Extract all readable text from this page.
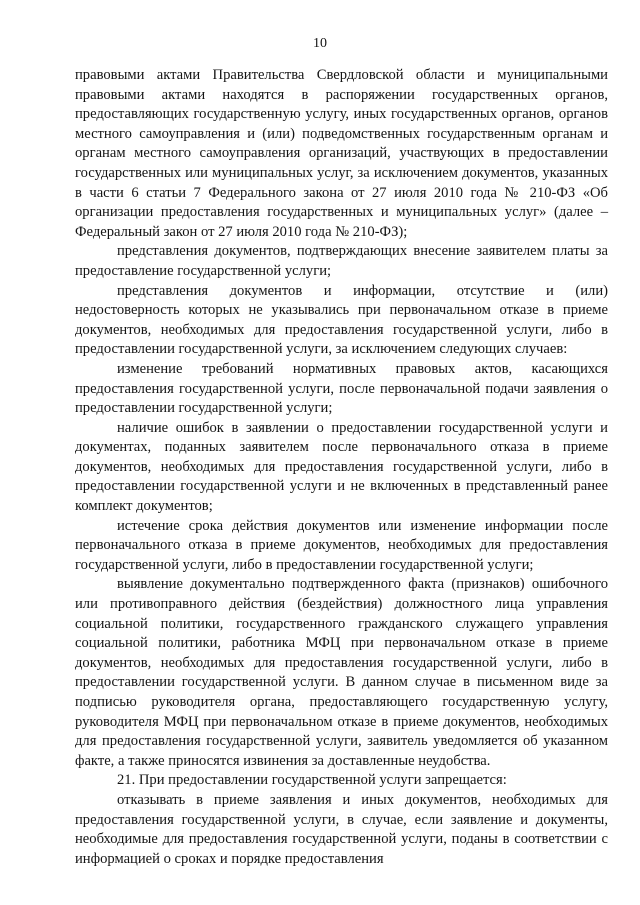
10

правовыми актами Правительства Свердловской области и муниципальными правовыми актами находятся в распоряжении государственных органов, предоставляющих государственную услугу, иных государственных органов, органов местного самоуправления и (или) подведомственных государственным органам и органам местного самоуправления организаций, участвующих в предоставлении государственных или муниципальных услуг, за исключением документов, указанных в части 6 статьи 7 Федерального закона от 27 июля 2010 года № 210-ФЗ «Об организации предоставления государственных и муниципальных услуг» (далее – Федеральный закон от 27 июля 2010 года № 210-ФЗ);

представления документов, подтверждающих внесение заявителем платы за предоставление государственной услуги;

представления документов и информации, отсутствие и (или) недостоверность которых не указывались при первоначальном отказе в приеме документов, необходимых для предоставления государственной услуги, либо в предоставлении государственной услуги, за исключением следующих случаев:

изменение требований нормативных правовых актов, касающихся предоставления государственной услуги, после первоначальной подачи заявления о предоставлении государственной услуги;

наличие ошибок в заявлении о предоставлении государственной услуги и документах, поданных заявителем после первоначального отказа в приеме документов, необходимых для предоставления государственной услуги, либо в предоставлении государственной услуги и не включенных в представленный ранее комплект документов;

истечение срока действия документов или изменение информации после первоначального отказа в приеме документов, необходимых для предоставления государственной услуги, либо в предоставлении государственной услуги;

выявление документально подтвержденного факта (признаков) ошибочного или противоправного действия (бездействия) должностного лица управления социальной политики, государственного гражданского служащего управления социальной политики, работника МФЦ при первоначальном отказе в приеме документов, необходимых для предоставления государственной услуги, либо в предоставлении государственной услуги. В данном случае в письменном виде за подписью руководителя органа, предоставляющего государственную услугу, руководителя МФЦ при первоначальном отказе в приеме документов, необходимых для предоставления государственной услуги, заявитель уведомляется об указанном факте, а также приносятся извинения за доставленные неудобства.

21. При предоставлении государственной услуги запрещается:

отказывать в приеме заявления и иных документов, необходимых для предоставления государственной услуги, в случае, если заявление и документы, необходимые для предоставления государственной услуги, поданы в соответствии с информацией о сроках и порядке предоставления
